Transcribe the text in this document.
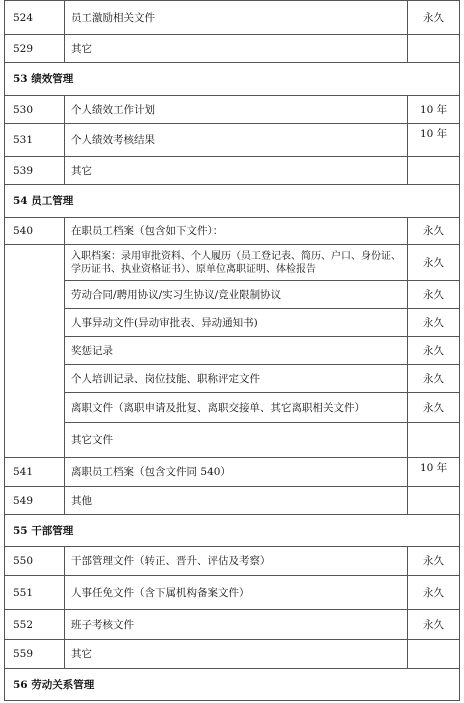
524	员工激励相关文件	永久
529	其它	
53 绩效管理		
530	个人绩效工作计划	10 年
531	个人绩效考核结果	10 年
539	其它	
54 员工管理		
540	在职员工档案（包含如下文件）：	永久
	入职档案：录用审批资料、个人履历（员工登记表、简历、户口、身份证、学历证书、执业资格证书）、原单位离职证明、体检报告	永久
	劳动合同/聘用协议/实习生协议/竞业限制协议	永久
	人事异动文件(异动审批表、异动通知书)	永久
	奖惩记录	永久
	个人培训记录、岗位技能、职称评定文件	永久
	离职文件（离职申请及批复、离职交接单、其它离职相关文件）	永久
	其它文件	
541	离职员工档案（包含文件同 540）	10 年
549	其他	
55 干部管理		
550	干部管理文件（转正、晋升、评估及考察）	永久
551	人事任免文件（含下属机构备案文件）	永久
552	班子考核文件	永久
559	其它	
56 劳动关系管理		
